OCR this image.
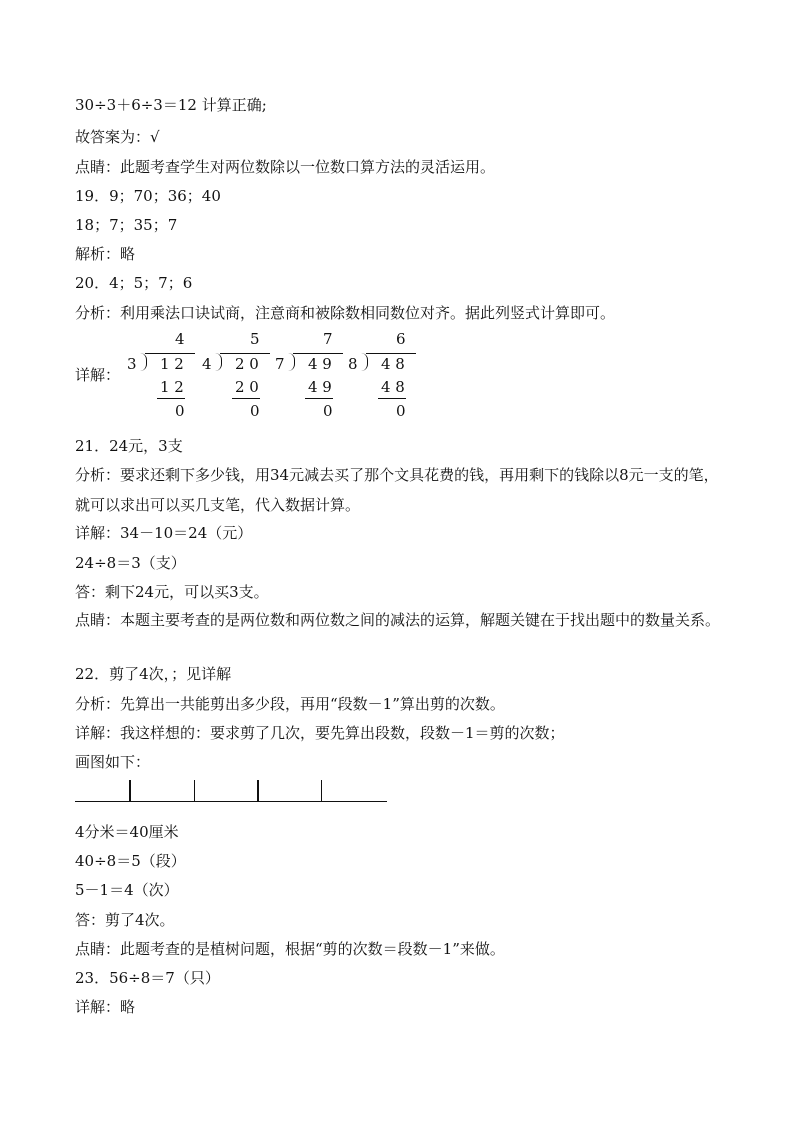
30÷3＋6÷3＝12 计算正确;
故答案为：√
点睛：此题考查学生对两位数除以一位数口算方法的灵活运用。
19．9；70；36；40
18；7；35；7
解析：略
20．4；5；7；6
分析：利用乘法口诀试商，注意商和被除数相同数位对齐。据此列竖式计算即可。
详解：
4
3 1 2
1 2
0
5
4 2 0
2 0
0
7
7 4 9
4 9
0
6
8 4 8
4 8
0
21．24元，3支
分析：要求还剩下多少钱，用34元减去买了那个文具花费的钱，再用剩下的钱除以8元一支的笔，就可以求出可以买几支笔，代入数据计算。
详解：34－10＝24（元）
24÷8＝3（支）
答：剩下24元，可以买3支。
点睛：本题主要考查的是两位数和两位数之间的减法的运算，解题关键在于找出题中的数量关系。
22．剪了4次，；见详解
分析：先算出一共能剪出多少段，再用“段数－1”算出剪的次数。
详解：我这样想的：要求剪了几次，要先算出段数，段数－1＝剪的次数；
画图如下：
4分米＝40厘米
40÷8＝5（段）
5－1＝4（次）
答：剪了4次。
点睛：此题考查的是植树问题，根据“剪的次数＝段数－1”来做。
23．56÷8＝7（只）
详解：略
